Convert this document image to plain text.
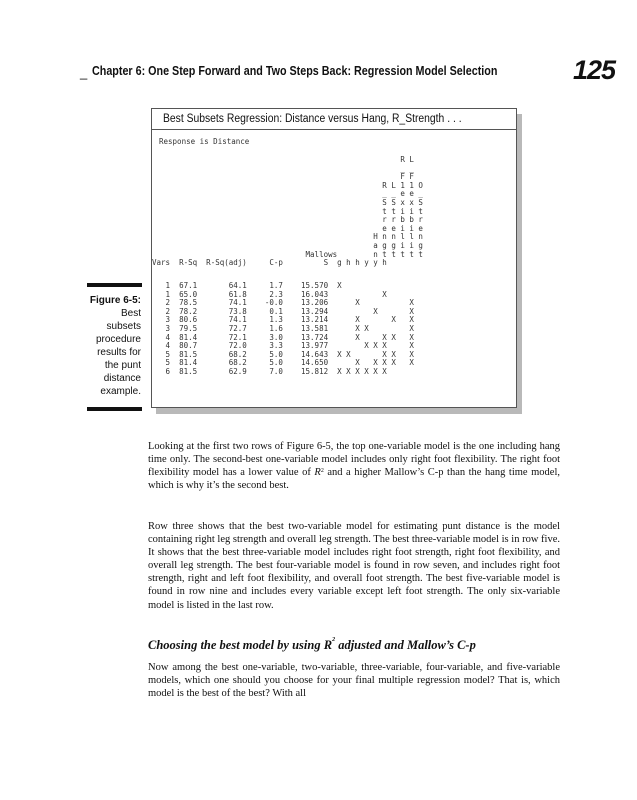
_ Chapter 6: One Step Forward and Two Steps Back: Regression Model Selection	125
Best Subsets Regression: Distance versus Hang, R_Strength . . .
Response is Distance
R L
_ _
F F
R L 1 1 O
_ _ e e _
S S x x S
t t i i t
r r b b r
e e i i e
H n n l l n
a g g i i g
Mallows        n t t t t t
Vars  R-Sq  R-Sq(adj)     C-p         S  g h h y y h

1  67.1       64.1     1.7    15.570  X
1  65.0       61.8     2.3    16.043            X
2  78.5       74.1    -0.0    13.206      X           X
2  78.2       73.8     0.1    13.294          X       X
3  80.6       74.1     1.3    13.214      X       X   X
3  79.5       72.7     1.6    13.581      X X         X
4  81.4       72.1     3.0    13.724      X     X X   X
4  80.7       72.0     3.3    13.977        X X X     X
5  81.5       68.2     5.0    14.643  X X       X X   X
5  81.4       68.2     5.0    14.650      X   X X X   X
6  81.5       62.9     7.0    15.812  X X X X X X
Figure 6-5:
Best
subsets
procedure
results for
the punt
distance
example.

Looking at the first two rows of Figure 6-5, the top one-variable model is the one including hang time only. The second-best one-variable model includes only right foot flexibility. The right foot flexibility model has a lower value of $R^2$ and a higher Mallow’s C-p than the hang time model, which is why it’s the second best.

Row three shows that the best two-variable model for estimating punt distance is the model containing right leg strength and overall leg strength. The best three-variable model is in row five. It shows that the best three-variable model includes right foot strength, right foot flexibility, and overall leg strength. The best four-variable model is found in row seven, and includes right foot strength, right and left foot flexibility, and overall foot strength. The best five-variable model is found in row nine and includes every variable except left foot strength. The only six-variable model is listed in the last row.

Choosing the best model by using $R^2$ adjusted and Mallow’s C-p

Now among the best one-variable, two-variable, three-variable, four-variable, and five-variable models, which one should you choose for your final multiple regression model? That is, which model is the best of the best? With all
